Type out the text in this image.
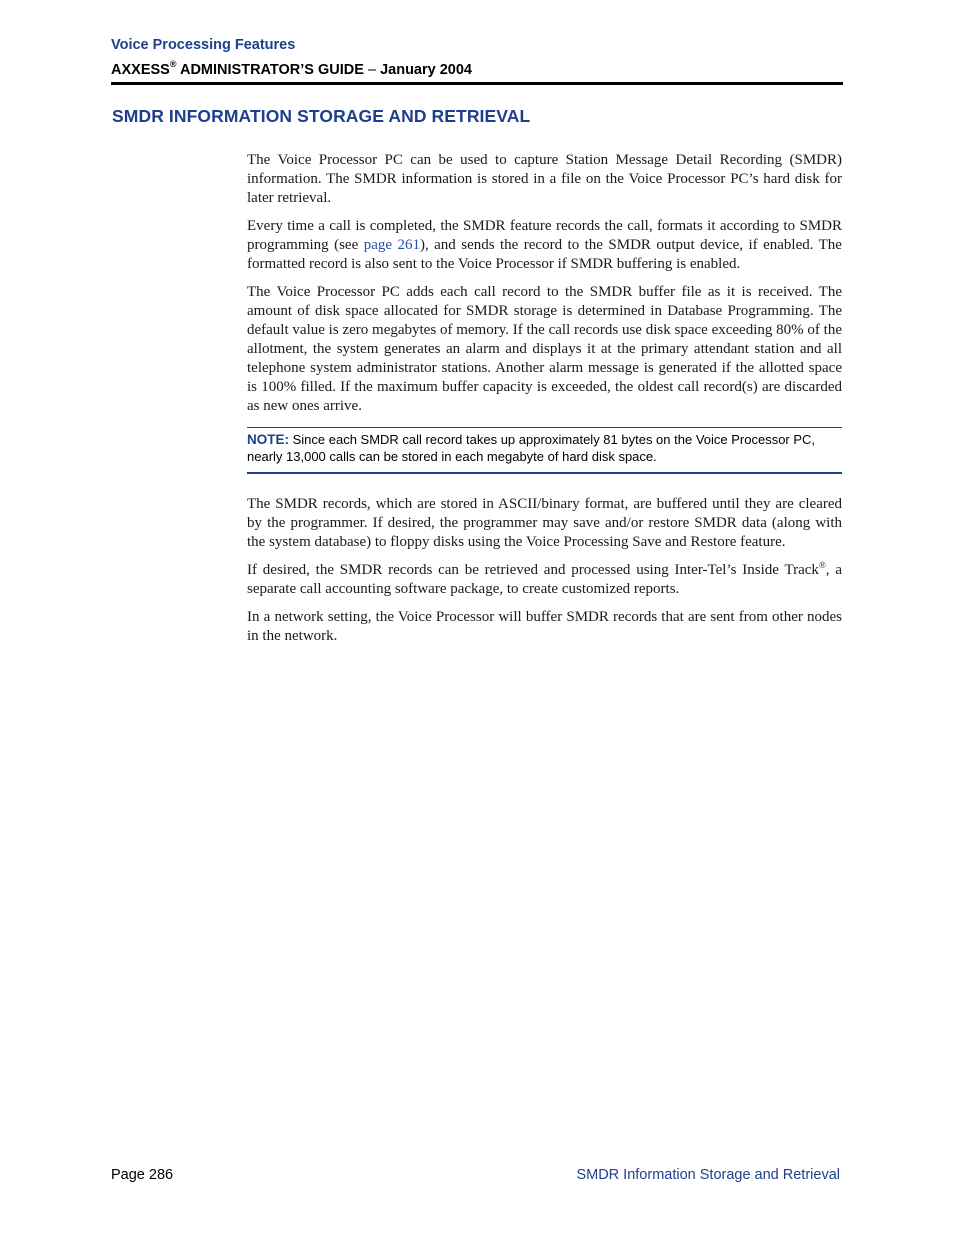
Voice Processing Features
AXXESS® ADMINISTRATOR’S GUIDE – January 2004
SMDR INFORMATION STORAGE AND RETRIEVAL

The Voice Processor PC can be used to capture Station Message Detail Recording (SMDR) information. The SMDR information is stored in a file on the Voice Processor PC’s hard disk for later retrieval.

Every time a call is completed, the SMDR feature records the call, formats it according to SMDR programming (see page 261), and sends the record to the SMDR output device, if enabled. The formatted record is also sent to the Voice Processor if SMDR buffering is enabled.

The Voice Processor PC adds each call record to the SMDR buffer file as it is received. The amount of disk space allocated for SMDR storage is determined in Database Programming. The default value is zero megabytes of memory. If the call records use disk space exceeding 80% of the allotment, the system generates an alarm and displays it at the primary attendant station and all telephone system administrator stations. Another alarm message is generated if the allotted space is 100% filled. If the maximum buffer capacity is exceeded, the oldest call record(s) are discarded as new ones arrive.

NOTE: Since each SMDR call record takes up approximately 81 bytes on the Voice Processor PC, nearly 13,000 calls can be stored in each megabyte of hard disk space.

The SMDR records, which are stored in ASCII/binary format, are buffered until they are cleared by the programmer. If desired, the programmer may save and/or restore SMDR data (along with the system database) to floppy disks using the Voice Processing Save and Restore feature.

If desired, the SMDR records can be retrieved and processed using Inter-Tel’s Inside Track®, a separate call accounting software package, to create customized reports.

In a network setting, the Voice Processor will buffer SMDR records that are sent from other nodes in the network.

Page 286	SMDR Information Storage and Retrieval
